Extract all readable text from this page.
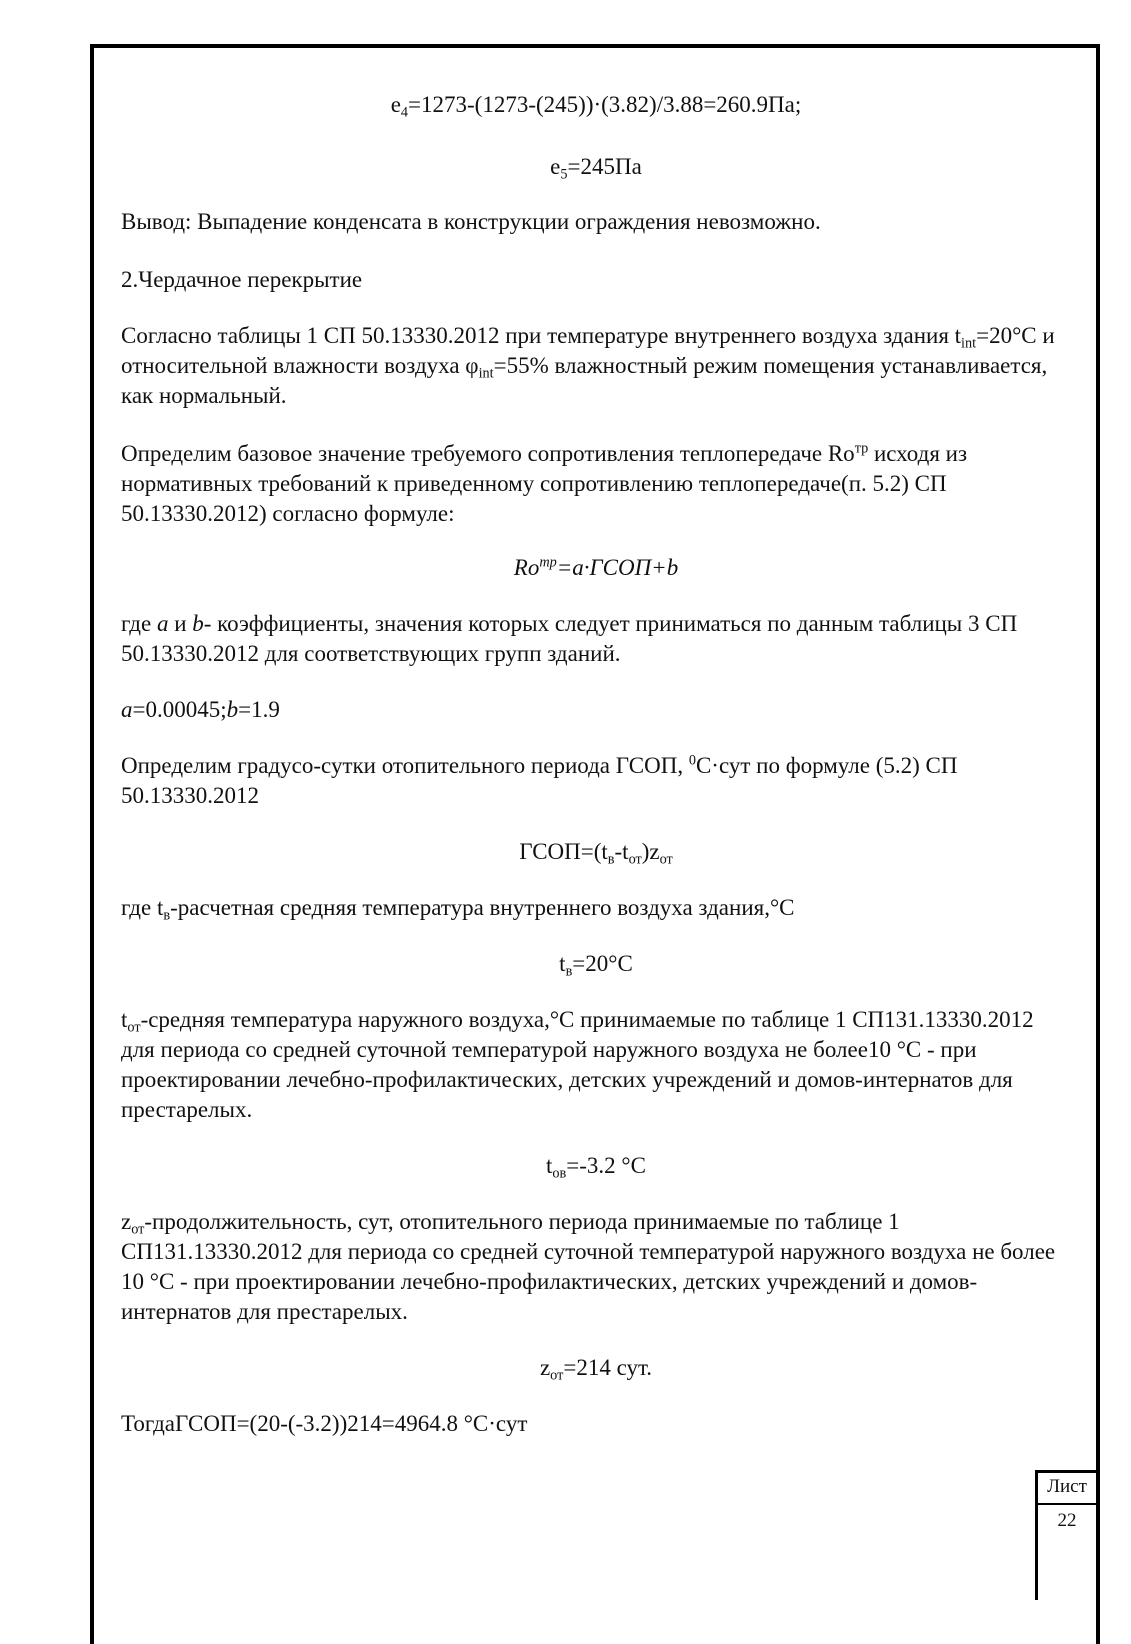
$e_4=1273-(1273-(245))\cdot(3.82)/3.88=260.9Па$;

$e_5=245Па$

Вывод: Выпадение конденсата в конструкции ограждения невозможно.

2.Чердачное перекрытие

Согласно таблицы 1 СП 50.13330.2012 при температуре внутреннего воздуха здания $t_{int}=20^\circ C$ и относительной влажности воздуха $\varphi_{int}=55\%$ влажностный режим помещения устанавливается, как нормальный.

Определим базовое значение требуемого сопротивления теплопередаче $Ro^{тр}$ исходя из нормативных требований к приведенному сопротивлению теплопередаче(п. 5.2) СП 50.13330.2012) согласно формуле:

$Ro^{тр}=a\cdot ГСОП+b$

где a и b- коэффициенты, значения которых следует приниматься по данным таблицы 3 СП 50.13330.2012 для соответствующих групп зданий.

a=0.00045;b=1.9

Определим градусо-сутки отопительного периода ГСОП, $^0$С·сут по формуле (5.2) СП 50.13330.2012

$ГСОП=(t_в-t_{от})z_{от}$

где $t_в$-расчетная средняя температура внутреннего воздуха здания,°С

$t_в=20^\circ С$

$t_{от}$-средняя температура наружного воздуха,°С принимаемые по таблице 1 СП131.13330.2012 для периода со средней суточной температурой наружного воздуха не более10 °С - при проектировании лечебно-профилактических, детских учреждений и домов-интернатов для престарелых.

$t_{ов}=-3.2$ °С

$z_{от}$-продолжительность, сут, отопительного периода принимаемые по таблице 1 СП131.13330.2012 для периода со средней суточной температурой наружного воздуха не более 10 °С - при проектировании лечебно-профилактических, детских учреждений и домов-интернатов для престарелых.

$z_{от}=214$ сут.

ТогдаГСОП=(20-(-3.2))214=4964.8 °С·сут

Лист
22
